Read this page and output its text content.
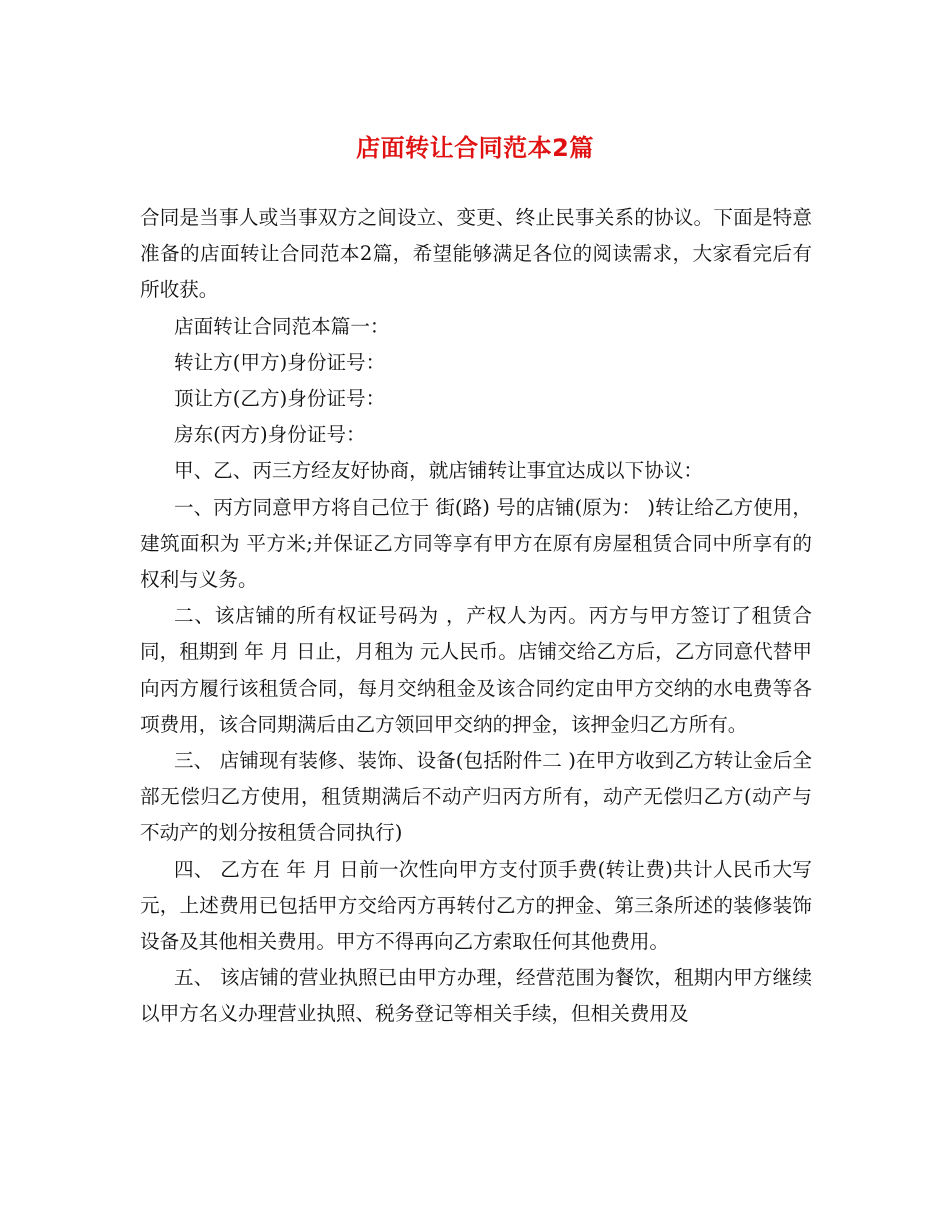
店面转让合同范本2篇

合同是当事人或当事双方之间设立、变更、终止民事关系的协议。下面是特意准备的店面转让合同范本2篇，希望能够满足各位的阅读需求，大家看完后有所收获。

店面转让合同范本篇一：

转让方(甲方)身份证号：

顶让方(乙方)身份证号：

房东(丙方)身份证号：

甲、乙、丙三方经友好协商，就店铺转让事宜达成以下协议：

一、丙方同意甲方将自己位于 街(路) 号的店铺(原为： )转让给乙方使用，建筑面积为 平方米;并保证乙方同等享有甲方在原有房屋租赁合同中所享有的权利与义务。

二、该店铺的所有权证号码为 ，产权人为丙。丙方与甲方签订了租赁合同，租期到 年 月 日止，月租为 元人民币。店铺交给乙方后，乙方同意代替甲向丙方履行该租赁合同，每月交纳租金及该合同约定由甲方交纳的水电费等各项费用，该合同期满后由乙方领回甲交纳的押金，该押金归乙方所有。

三、 店铺现有装修、装饰、设备(包括附件二 )在甲方收到乙方转让金后全部无偿归乙方使用，租赁期满后不动产归丙方所有，动产无偿归乙方(动产与不动产的划分按租赁合同执行)

四、 乙方在 年 月 日前一次性向甲方支付顶手费(转让费)共计人民币大写 元，上述费用已包括甲方交给丙方再转付乙方的押金、第三条所述的装修装饰设备及其他相关费用。甲方不得再向乙方索取任何其他费用。

五、 该店铺的营业执照已由甲方办理，经营范围为餐饮，租期内甲方继续以甲方名义办理营业执照、税务登记等相关手续，但相关费用及
